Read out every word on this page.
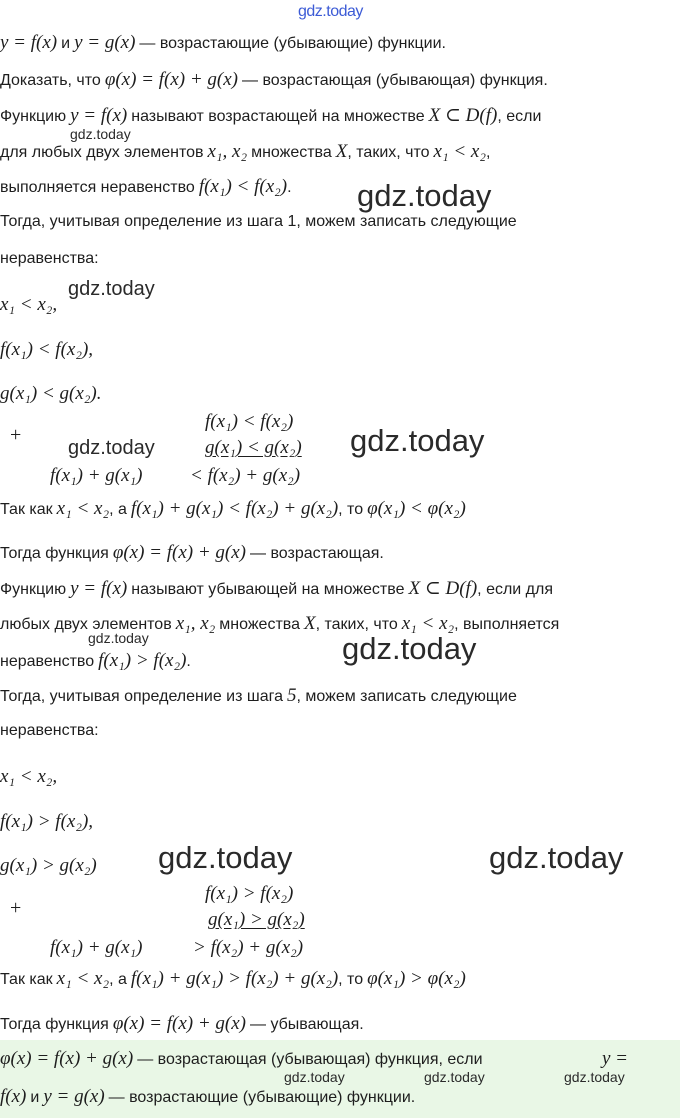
gdz.today
y = f(x) и y = g(x) — возрастающие (убывающие) функции.
Доказать, что φ(x) = f(x) + g(x) — возрастающая (убывающая) функция.
Функцию y = f(x) называют возрастающей на множестве X ⊂ D(f) , если
gdz.today
для любых двух элементов x₁, x₂ множества X , таких, что x₁ < x₂ ,
выполняется неравенство f(x₁) < f(x₂) . gdz.today
Тогда, учитывая определение из шага 1, можем записать следующие
неравенства:
x₁ < x₂,
gdz.today
f(x₁) < f(x₂),
g(x₁) < g(x₂).
+
f(x₁) < f(x₂)
gdz.today	g(x₁) < g(x₂)
f(x₁) + g(x₁)	< f(x₂) + g(x₂)
gdz.today
Так как x₁ < x₂ , а f(x₁) + g(x₁) < f(x₂) + g(x₂) , то φ(x₁) < φ(x₂)
Тогда функция φ(x) = f(x) + g(x) — возрастающая.
Функцию y = f(x) называют убывающей на множестве X ⊂ D(f) , если для
любых двух элементов x₁, x₂ множества X , таких, что x₁ < x₂ , выполняется
gdz.today
неравенство f(x₁) > f(x₂) .	gdz.today
Тогда, учитывая определение из шага 5 , можем записать следующие
неравенства:
x₁ < x₂,
f(x₁) > f(x₂),
g(x₁) > g(x₂) gdz.today	gdz.today
+
f(x₁) > f(x₂)
g(x₁) > g(x₂)
f(x₁) + g(x₁)	> f(x₂) + g(x₂)
Так как x₁ < x₂ , а f(x₁) + g(x₁) > f(x₂) + g(x₂) , то φ(x₁) > φ(x₂)
Тогда функция φ(x) = f(x) + g(x) — убывающая.
φ(x) = f(x) + g(x) — возрастающая (убывающая) функция, если	y =
gdz.today	gdz.today	gdz.today
f(x) и y = g(x) — возрастающие (убывающие) функции.
